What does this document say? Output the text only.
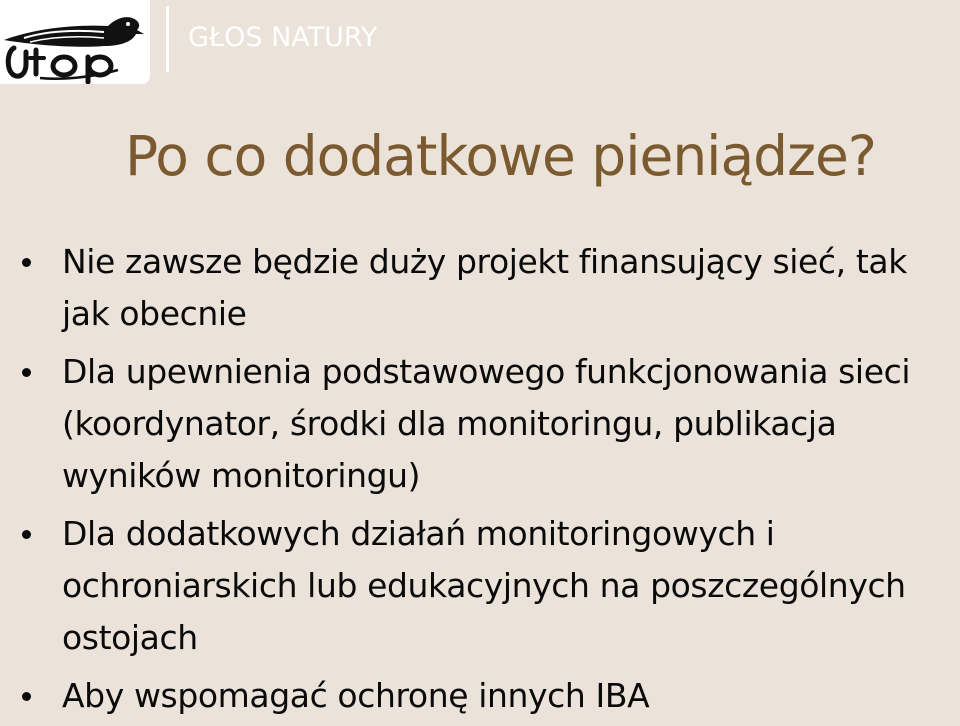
GŁOS NATURY
Po co dodatkowe pieniądze?
Nie zawsze będzie duży projekt finansujący sieć, tak jak obecnie
Dla upewnienia podstawowego funkcjonowania sieci (koordynator, środki dla monitoringu, publikacja wyników monitoringu)
Dla dodatkowych działań monitoringowych i ochroniarskich lub edukacyjnych na poszczególnych ostojach
Aby wspomagać ochronę innych IBA
